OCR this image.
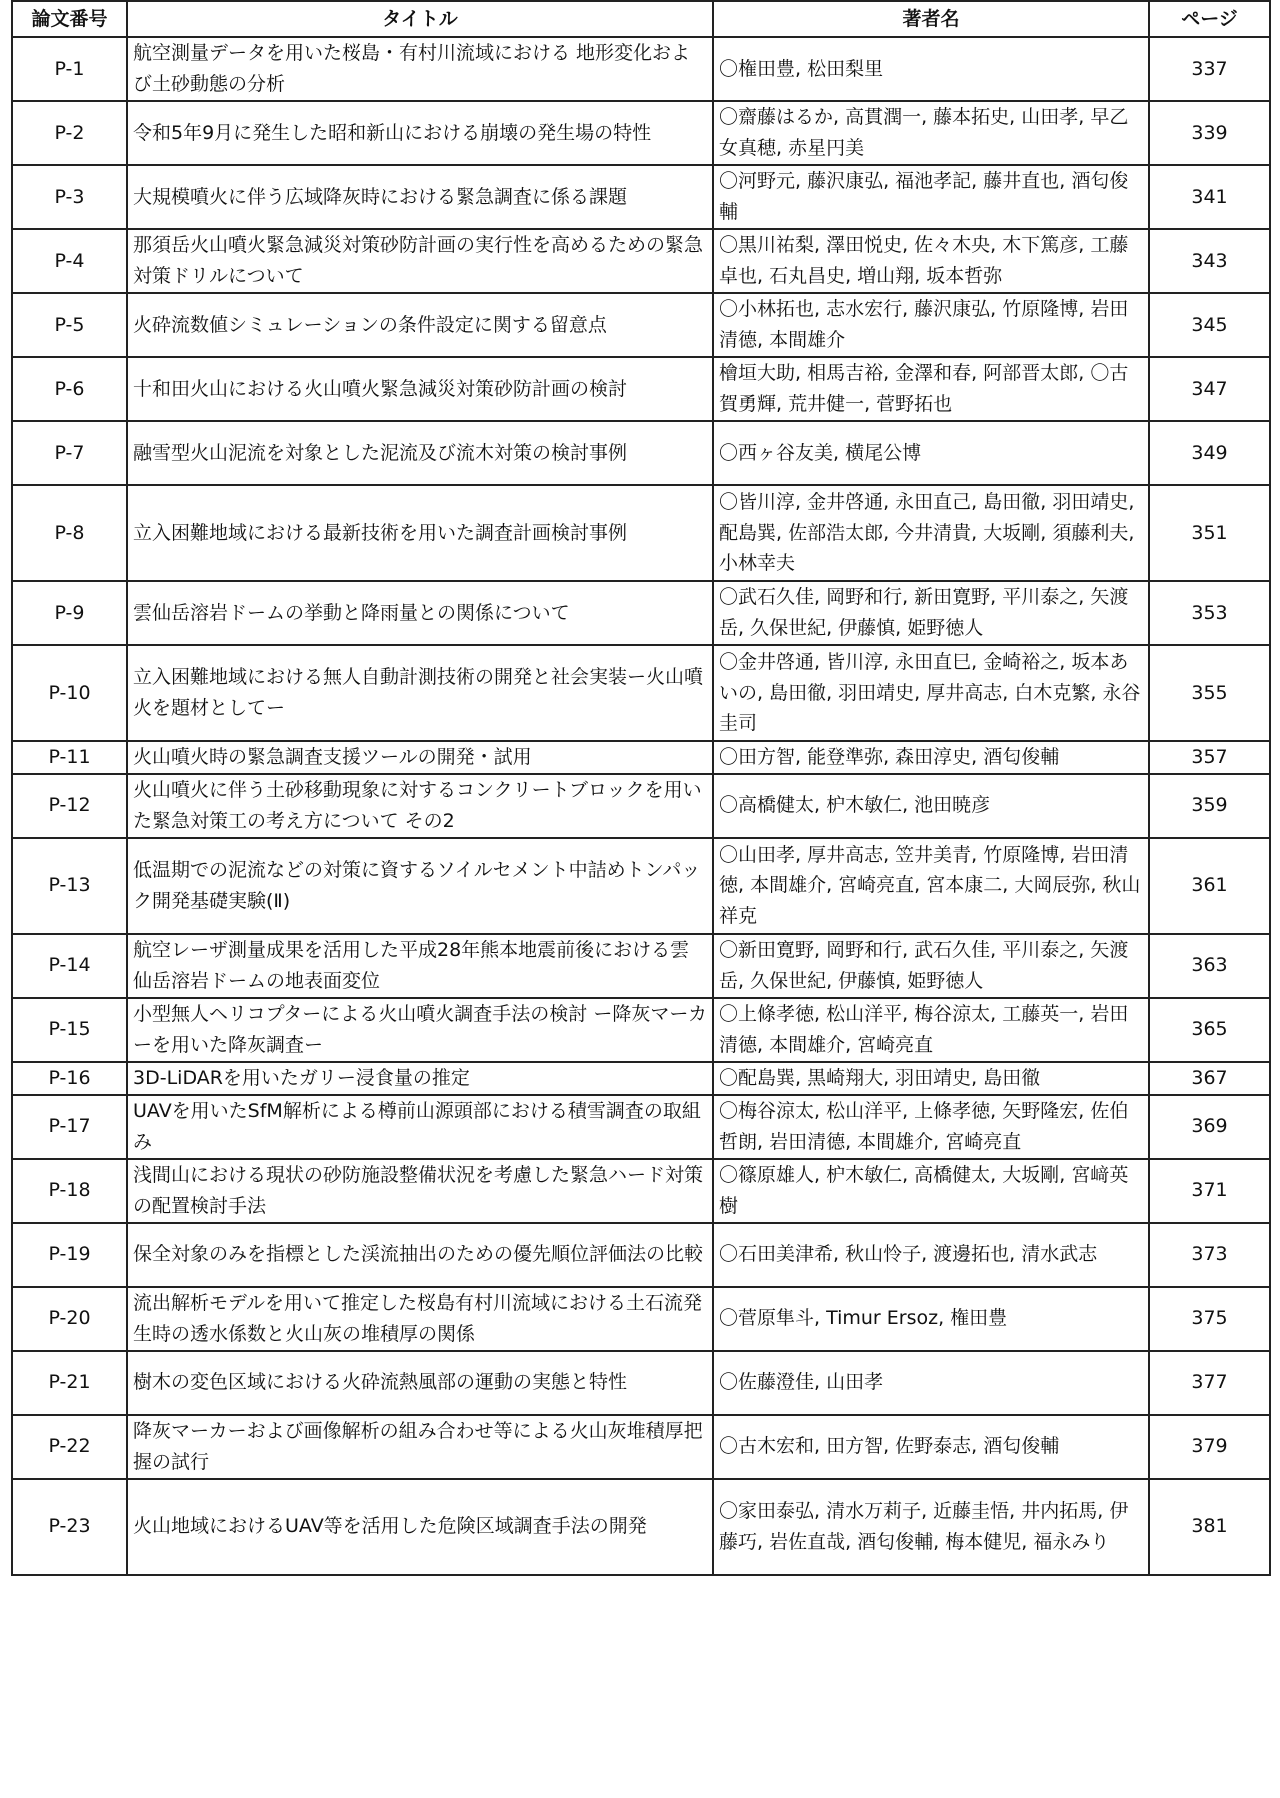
論文番号	タイトル	著者名	ページ
P-1	航空測量データを用いた桜島・有村川流域における 地形変化および土砂動態の分析	〇権田豊, 松田梨里	337
P-2	令和5年9月に発生した昭和新山における崩壊の発生場の特性	〇齋藤はるか, 高貫潤一, 藤本拓史, 山田孝, 早乙女真穂, 赤星円美	339
P-3	大規模噴火に伴う広域降灰時における緊急調査に係る課題	〇河野元, 藤沢康弘, 福池孝記, 藤井直也, 酒匂俊輔	341
P-4	那須岳火山噴火緊急減災対策砂防計画の実行性を高めるための緊急対策ドリルについて	〇黒川祐梨, 澤田悦史, 佐々木央, 木下篤彦, 工藤卓也, 石丸昌史, 増山翔, 坂本哲弥	343
P-5	火砕流数値シミュレーションの条件設定に関する留意点	〇小林拓也, 志水宏行, 藤沢康弘, 竹原隆博, 岩田清德, 本間雄介	345
P-6	十和田火山における火山噴火緊急減災対策砂防計画の検討	檜垣大助, 相馬吉裕, 金澤和春, 阿部晋太郎, 〇古賀勇輝, 荒井健一, 菅野拓也	347
P-7	融雪型火山泥流を対象とした泥流及び流木対策の検討事例	〇西ヶ谷友美, 横尾公博	349
P-8	立入困難地域における最新技術を用いた調査計画検討事例	〇皆川淳, 金井啓通, 永田直己, 島田徹, 羽田靖史, 配島巽, 佐部浩太郎, 今井清貴, 大坂剛, 須藤利夫, 小林幸夫	351
P-9	雲仙岳溶岩ドームの挙動と降雨量との関係について	〇武石久佳, 岡野和行, 新田寛野, 平川泰之, 矢渡岳, 久保世紀, 伊藤慎, 姫野徳人	353
P-10	立入困難地域における無人自動計測技術の開発と社会実装ー火山噴火を題材としてー	〇金井啓通, 皆川淳, 永田直巳, 金崎裕之, 坂本あいの, 島田徹, 羽田靖史, 厚井高志, 白木克繁, 永谷圭司	355
P-11	火山噴火時の緊急調査支援ツールの開発・試用	〇田方智, 能登準弥, 森田淳史, 酒匂俊輔	357
P-12	火山噴火に伴う土砂移動現象に対するコンクリートブロックを用いた緊急対策工の考え方について その2	〇高橋健太, 枦木敏仁, 池田暁彦	359
P-13	低温期での泥流などの対策に資するソイルセメント中詰めトンパック開発基礎実験(Ⅱ)	〇山田孝, 厚井高志, 笠井美青, 竹原隆博, 岩田清徳, 本間雄介, 宮崎亮直, 宮本康二, 大岡辰弥, 秋山祥克	361
P-14	航空レーザ測量成果を活用した平成28年熊本地震前後における雲仙岳溶岩ドームの地表面変位	〇新田寛野, 岡野和行, 武石久佳, 平川泰之, 矢渡岳, 久保世紀, 伊藤慎, 姫野徳人	363
P-15	小型無人ヘリコプターによる火山噴火調査手法の検討 ー降灰マーカーを用いた降灰調査ー	〇上條孝徳, 松山洋平, 梅谷涼太, 工藤英一, 岩田清德, 本間雄介, 宮崎亮直	365
P-16	3D-LiDARを用いたガリー浸食量の推定	〇配島巽, 黒崎翔大, 羽田靖史, 島田徹	367
P-17	UAVを用いたSfM解析による樽前山源頭部における積雪調査の取組み	〇梅谷涼太, 松山洋平, 上條孝徳, 矢野隆宏, 佐伯哲朗, 岩田清德, 本間雄介, 宮崎亮直	369
P-18	浅間山における現状の砂防施設整備状況を考慮した緊急ハード対策の配置検討手法	〇篠原雄人, 枦木敏仁, 高橋健太, 大坂剛, 宮﨑英樹	371
P-19	保全対象のみを指標とした渓流抽出のための優先順位評価法の比較	〇石田美津希, 秋山怜子, 渡邊拓也, 清水武志	373
P-20	流出解析モデルを用いて推定した桜島有村川流域における土石流発生時の透水係数と火山灰の堆積厚の関係	〇菅原隼斗, Timur Ersoz, 権田豊	375
P-21	樹木の変色区域における火砕流熱風部の運動の実態と特性	〇佐藤澄佳, 山田孝	377
P-22	降灰マーカーおよび画像解析の組み合わせ等による火山灰堆積厚把握の試行	〇古木宏和, 田方智, 佐野泰志, 酒匂俊輔	379
P-23	火山地域におけるUAV等を活用した危険区域調査手法の開発	〇家田泰弘, 清水万莉子, 近藤圭悟, 井内拓馬, 伊藤巧, 岩佐直哉, 酒匂俊輔, 梅本健児, 福永みり	381
